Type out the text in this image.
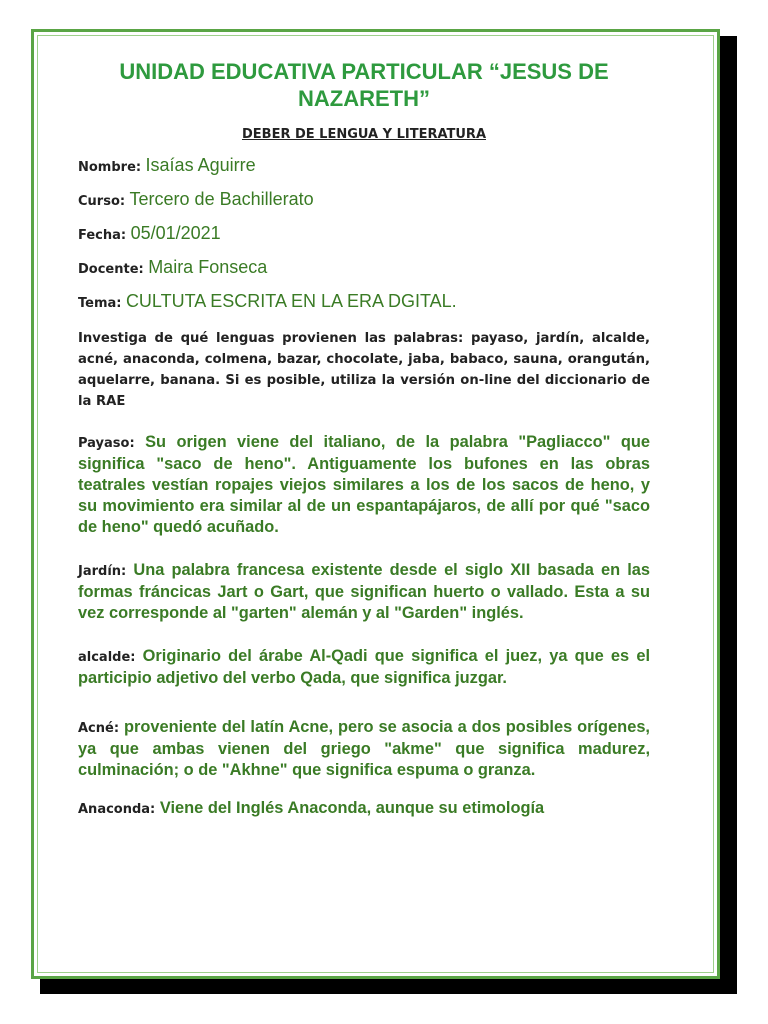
UNIDAD EDUCATIVA PARTICULAR “JESUS DE NAZARETH”
DEBER DE LENGUA Y LITERATURA

Nombre: Isaías Aguirre

Curso: Tercero de Bachillerato

Fecha: 05/01/2021

Docente: Maira Fonseca

Tema: CULTUTA ESCRITA EN LA ERA DGITAL.

Investiga de qué lenguas provienen las palabras: payaso, jardín, alcalde, acné, anaconda, colmena, bazar, chocolate, jaba, babaco, sauna, orangután, aquelarre, banana. Si es posible, utiliza la versión on-line del diccionario de la RAE

Payaso: Su origen viene del italiano, de la palabra "Pagliacco" que significa "saco de heno". Antiguamente los bufones en las obras teatrales vestían ropajes viejos similares a los de los sacos de heno, y su movimiento era similar al de un espantapájaros, de allí por qué "saco de heno" quedó acuñado.

Jardín: Una palabra francesa existente desde el siglo XII basada en las formas fráncicas Jart o Gart, que significan huerto o vallado. Esta a su vez corresponde al "garten" alemán y al "Garden" inglés.

alcalde: Originario del árabe Al-Qadi que significa el juez, ya que es el participio adjetivo del verbo Qada, que significa juzgar.

Acné: proveniente del latín Acne, pero se asocia a dos posibles orígenes, ya que ambas vienen del griego "akme" que significa madurez, culminación; o de "Akhne" que significa espuma o granza.

Anaconda: Viene del Inglés Anaconda, aunque su etimología
